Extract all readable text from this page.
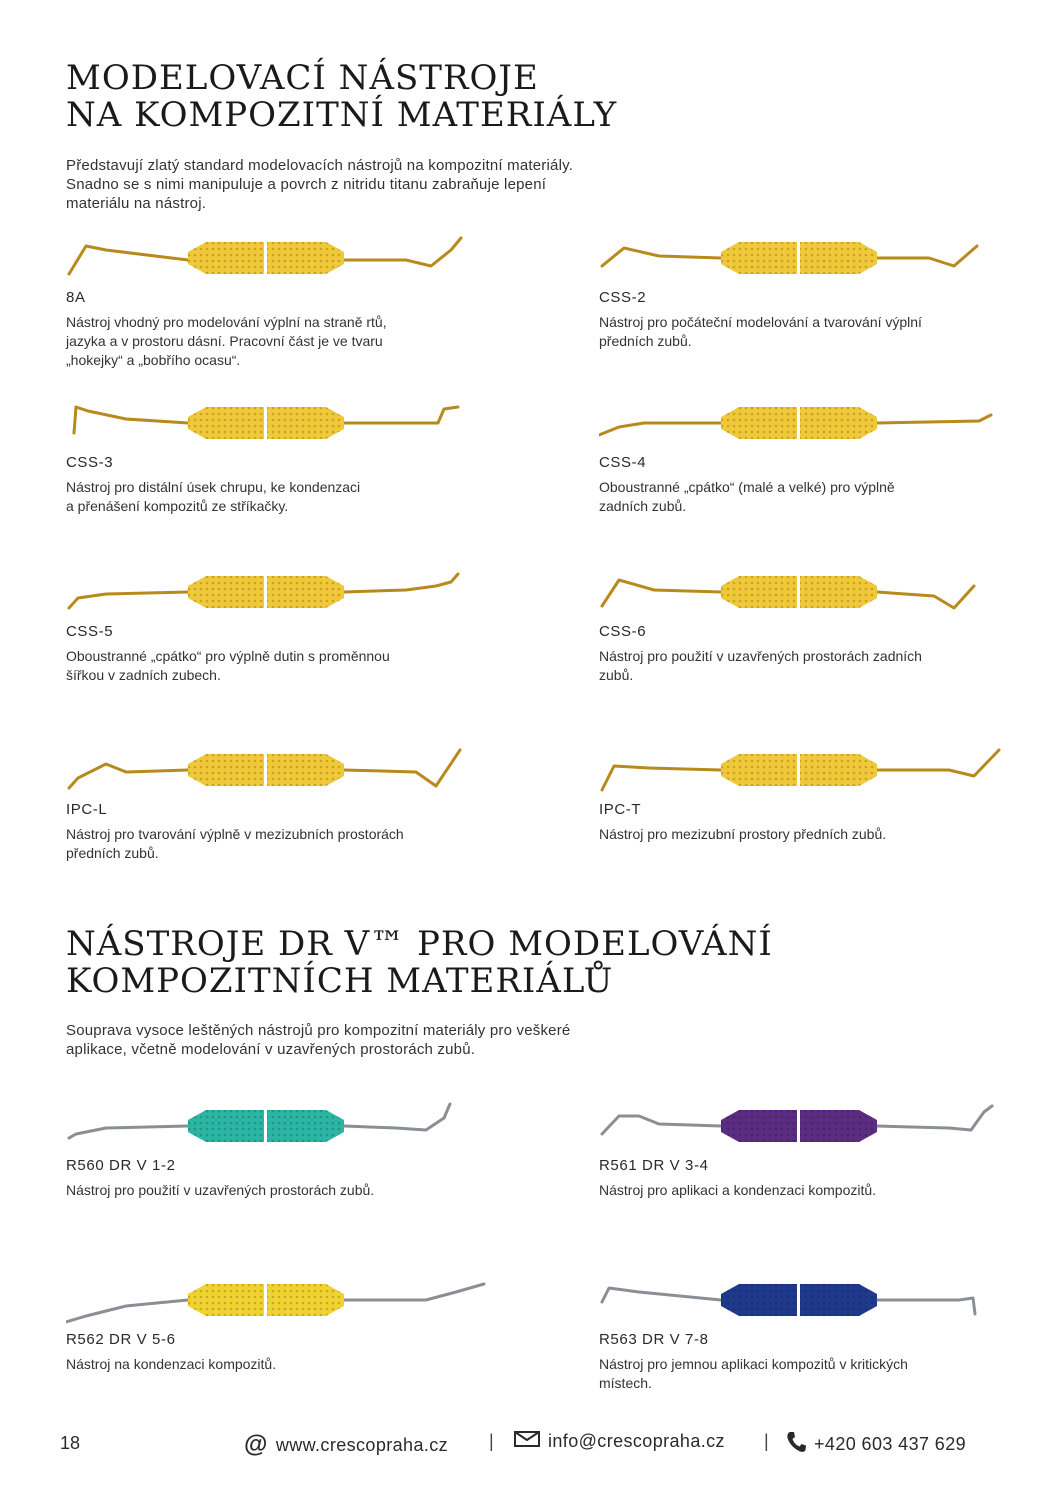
MODELOVACÍ NÁSTROJE
NA KOMPOZITNÍ MATERIÁLY
Představují zlatý standard modelovacích nástrojů na kompozitní materiály.
Snadno se s nimi manipuluje a povrch z nitridu titanu zabraňuje lepení
materiálu na nástroj.
8A
Nástroj vhodný pro modelování výplní na straně rtů,
jazyka a v prostoru dásní. Pracovní část je ve tvaru
„hokejky“ a „bobřího ocasu“.
CSS-2
Nástroj pro počáteční modelování a tvarování výplní
předních zubů.
CSS-3
Nástroj pro distální úsek chrupu, ke kondenzaci
a přenášení kompozitů ze stříkačky.
CSS-4
Oboustranné „cpátko“ (malé a velké) pro výplně
zadních zubů.
CSS-5
Oboustranné „cpátko“ pro výplně dutin s proměnnou
šířkou v zadních zubech.
CSS-6
Nástroj pro použití v uzavřených prostorách zadních
zubů.
IPC-L
Nástroj pro tvarování výplně v mezizubních prostorách
předních zubů.
IPC-T
Nástroj pro mezizubní prostory předních zubů.
NÁSTROJE DR V™ PRO MODELOVÁNÍ
KOMPOZITNÍCH MATERIÁLŮ
Souprava vysoce leštěných nástrojů pro kompozitní materiály pro veškeré
aplikace, včetně modelování v uzavřených prostorách zubů.
R560 DR V 1-2
Nástroj pro použití v uzavřených prostorách zubů.
R561 DR V 3-4
Nástroj pro aplikaci a kondenzaci kompozitů.
R562 DR V 5-6
Nástroj na kondenzaci kompozitů.
R563 DR V 7-8
Nástroj pro jemnou aplikaci kompozitů v kritických
místech.
18	@ www.crescopraha.cz |	info@crescopraha.cz |	+420 603 437 629
